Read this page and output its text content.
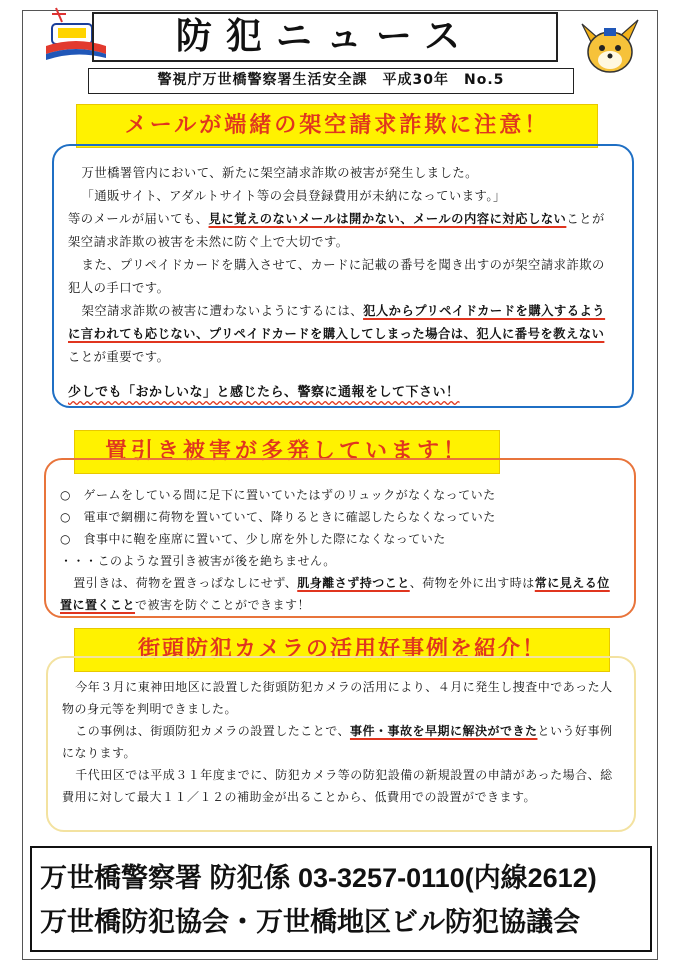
防犯ニュース
警視庁万世橋警察署生活安全課　平成30年　No.5
メールが端緒の架空請求詐欺に注意！

万世橋署管内において、新たに架空請求詐欺の被害が発生しました。

「通販サイト、アダルトサイト等の会員登録費用が未納になっています。」

等のメールが届いても、見に覚えのないメールは開かない、メールの内容に対応しないことが架空請求詐欺の被害を未然に防ぐ上で大切です。

また、プリペイドカードを購入させて、カードに記載の番号を聞き出すのが架空請求詐欺の犯人の手口です。

架空請求詐欺の被害に遭わないようにするには、犯人からプリペイドカードを購入するように言われても応じない、プリペイドカードを購入してしまった場合は、犯人に番号を教えないことが重要です。

少しでも「おかしいな」と感じたら、警察に通報をして下さい！

置引き被害が多発しています！

○　ゲームをしている間に足下に置いていたはずのリュックがなくなっていた

○　電車で網棚に荷物を置いていて、降りるときに確認したらなくなっていた

○　食事中に鞄を座席に置いて、少し席を外した際になくなっていた

・・・このような置引き被害が後を絶ちません。

置引きは、荷物を置きっぱなしにせず、肌身離さず持つこと、荷物を外に出す時は常に見える位置に置くことで被害を防ぐことができます！

街頭防犯カメラの活用好事例を紹介！

今年３月に東神田地区に設置した街頭防犯カメラの活用により、４月に発生し捜査中であった人物の身元等を判明できました。

この事例は、街頭防犯カメラの設置したことで、事件・事故を早期に解決ができたという好事例になります。

千代田区では平成３１年度までに、防犯カメラ等の防犯設備の新規設置の申請があった場合、総費用に対して最大１１／１２の補助金が出ることから、低費用での設置ができます。

万世橋警察署 防犯係 03-3257-0110(内線2612)
万世橋防犯協会・万世橋地区ビル防犯協議会
